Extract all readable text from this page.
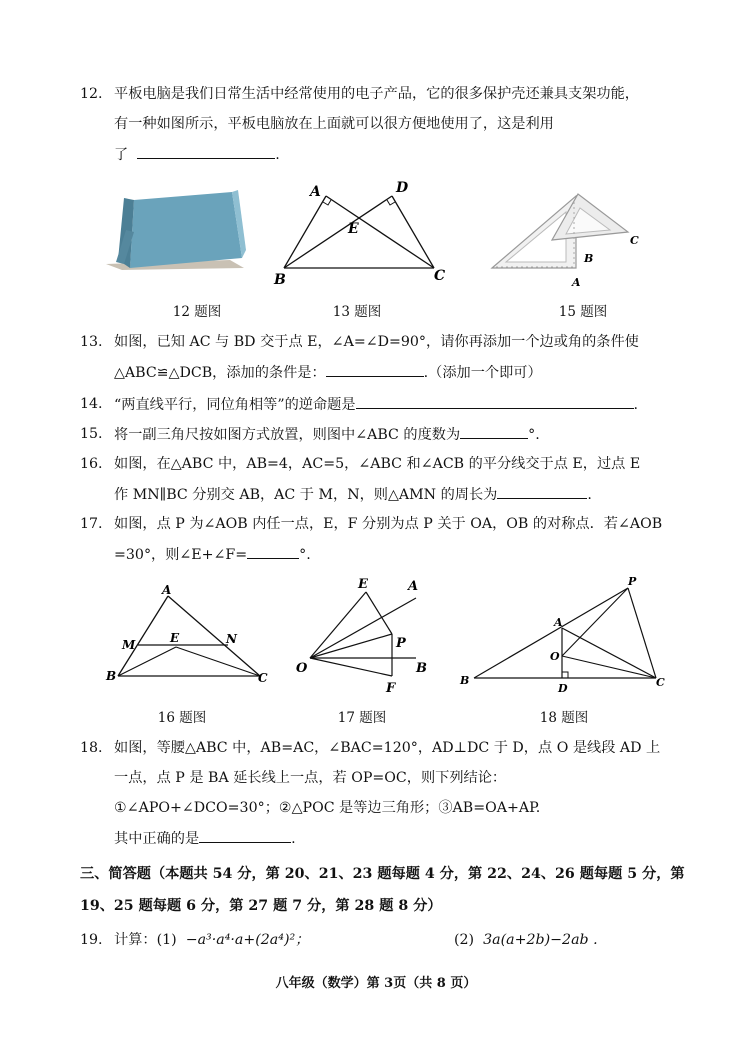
12. 平板电脑是我们日常生活中经常使用的电子产品，它的很多保护壳还兼具支架功能，
有一种如图所示，平板电脑放在上面就可以很方便地使用了，这是利用
了	.
A	D
E
B	C
C
B
A
12 题图	13 题图	15 题图
13. 如图，已知 AC 与 BD 交于点 E，∠A=∠D=90°，请你再添加一个边或角的条件使
△ABC≌△DCB，添加的条件是：	.（添加一个即可）
14. “两直线平行，同位角相等”的逆命题是	.
15. 将一副三角尺按如图方式放置，则图中∠ABC 的度数为	°.
16. 如图，在△ABC 中，AB=4，AC=5，∠ABC 和∠ACB 的平分线交于点 E，过点 E
作 MN∥BC 分别交 AB，AC 于 M，N，则△AMN 的周长为	.
17. 如图，点 P 为∠AOB 内任一点，E，F 分别为点 P 关于 OA，OB 的对称点．若∠AOB
=30°，则∠E+∠F=	°.
A
M	E	N
B	C
E	A
P
O	B
F
P
A
O
B
D	C
16 题图	17 题图	18 题图
18. 如图，等腰△ABC 中，AB=AC，∠BAC=120°，AD⊥DC 于 D，点 O 是线段 AD 上
一点，点 P 是 BA 延长线上一点，若 OP=OC，则下列结论：
①∠APO+∠DCO=30°；②△POC 是等边三角形；③AB=OA+AP.
其中正确的是	.
三、简答题（本题共 54 分，第 20、21、23 题每题 4 分，第 22、24、26 题每题 5 分，第
19、25 题每题 6 分，第 27 题 7 分，第 28 题 8 分）
19. 计算：(1) −a³·a⁴·a+(2a⁴)²；	(2) 3a(a+2b)−2ab .
八年级（数学）第 3页（共 8 页）
